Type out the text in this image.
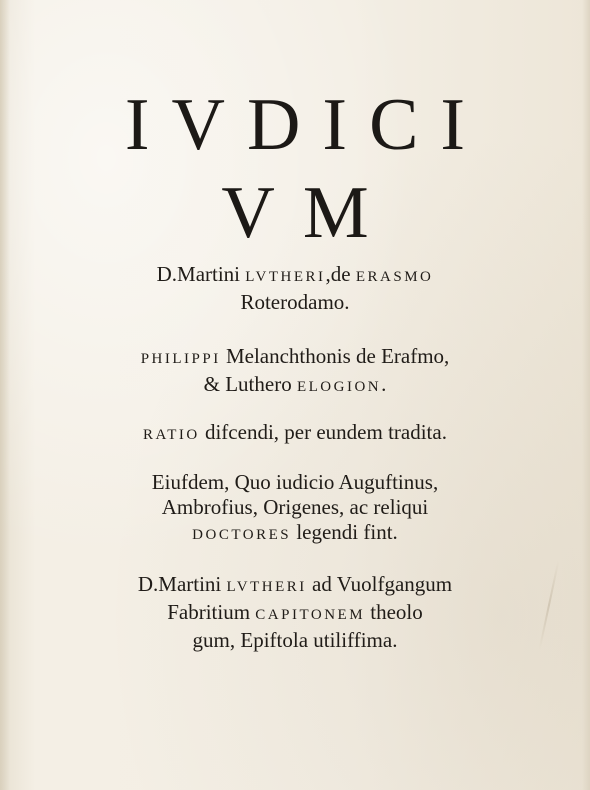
IVDICI
VM
D.Martini LVTHERI,de ERASMO
Roterodamo.
PHILIPPI Melanchthonis de Erafmo,
& Luthero ELOGION.
RATIO difcendi, per eundem tradita.
Eiufdem, Quo iudicio Auguftinus,
Ambrofius, Origenes, ac reliqui
DOCTORES legendi fint.
D.Martini LVTHERI ad Vuolfgangum
Fabritium CAPITONEM theolo
gum, Epiftola utiliffima.
